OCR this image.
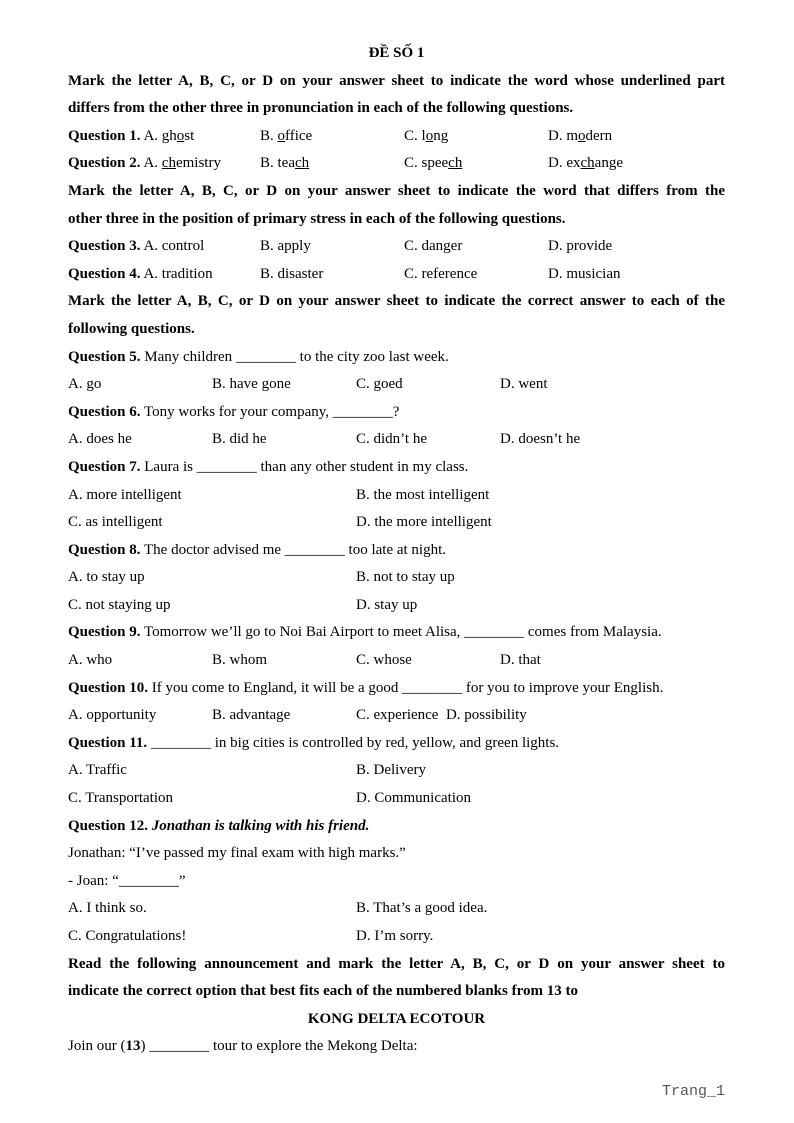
ĐỀ SỐ 1
Mark the letter A, B, C, or D on your answer sheet to indicate the word whose underlined part
differs from the other three in pronunciation in each of the following questions.
Question 1. A. ghost	B. office	C. long	D. modern
Question 2. A. chemistry	B. teach	C. speech	D. exchange
Mark the letter A, B, C, or D on your answer sheet to indicate the word that differs from the
other three in the position of primary stress in each of the following questions.
Question 3. A. control	B. apply	C. danger	D. provide
Question 4. A. tradition	B. disaster	C. reference	D. musician
Mark the letter A, B, C, or D on your answer sheet to indicate the correct answer to each of the
following questions.
Question 5. Many children ________ to the city zoo last week.
A. go	B. have gone	C. goed	D. went
Question 6. Tony works for your company, ________?
A. does he	B. did he	C. didn’t he	D. doesn’t he
Question 7. Laura is ________ than any other student in my class.
A. more intelligent	B. the most intelligent
C. as intelligent	D. the more intelligent
Question 8. The doctor advised me ________ too late at night.
A. to stay up	B. not to stay up
C. not staying up	D. stay up
Question 9. Tomorrow we’ll go to Noi Bai Airport to meet Alisa, ________ comes from Malaysia.
A. who	B. whom	C. whose	D. that
Question 10. If you come to England, it will be a good ________ for you to improve your English.
A. opportunity	B. advantage	C. experience  D. possibility
Question 11. ________ in big cities is controlled by red, yellow, and green lights.
A. Traffic	B. Delivery
C. Transportation	D. Communication
Question 12. Jonathan is talking with his friend.
Jonathan: “I’ve passed my final exam with high marks.”
- Joan: “________”
A. I think so.	B. That’s a good idea.
C. Congratulations!	D. I’m sorry.
Read the following announcement and mark the letter A, B, C, or D on your answer sheet to
indicate the correct option that best fits each of the numbered blanks from 13 to
KONG DELTA ECOTOUR
Join our (13) ________ tour to explore the Mekong Delta:
Trang_1
